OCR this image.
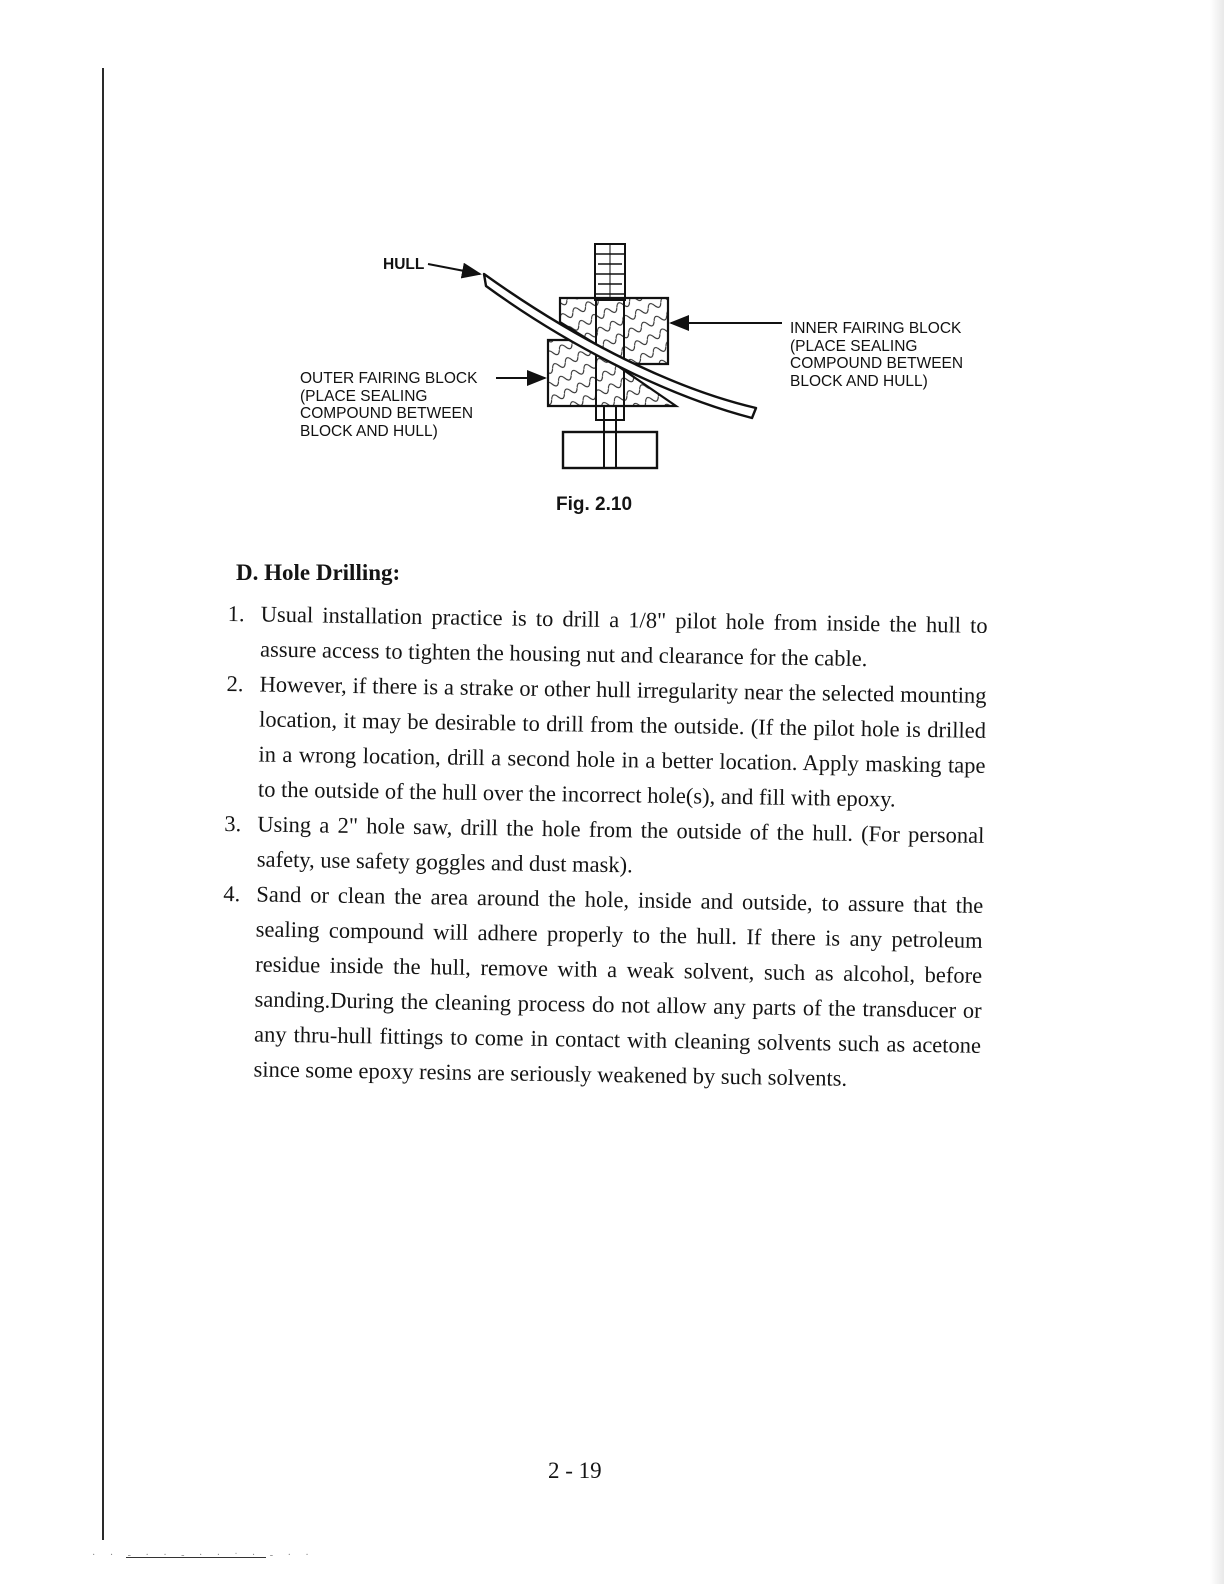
HULL
OUTER FAIRING BLOCK
(PLACE SEALING
COMPOUND BETWEEN
BLOCK AND HULL)
INNER FAIRING BLOCK
(PLACE SEALING
COMPOUND BETWEEN
BLOCK AND HULL)
Fig. 2.10
D. Hole Drilling:
1. Usual installation practice is to drill a 1/8" pilot hole from inside the hull to assure access to tighten the housing nut and clearance for the cable.
2. However, if there is a strake or other hull irregularity near the selected mounting location, it may be desirable to drill from the outside. (If the pilot hole is drilled in a wrong location, drill a second hole in a better location. Apply masking tape to the outside of the hull over the incorrect hole(s), and fill with epoxy.
3. Using a 2" hole saw, drill the hole from the outside of the hull. (For personal safety, use safety goggles and dust mask).
4. Sand or clean the area around the hole, inside and outside, to assure that the sealing compound will adhere properly to the hull. If there is any petroleum residue inside the hull, remove with a weak solvent, such as alcohol, before sanding.During the cleaning process do not allow any parts of the transducer or any thru-hull fittings to come in contact with cleaning solvents such as acetone since some epoxy resins are seriously weakened by such solvents.
2 - 19
· · ‐ · · ‐ · · ˑ · ‐ · ·
